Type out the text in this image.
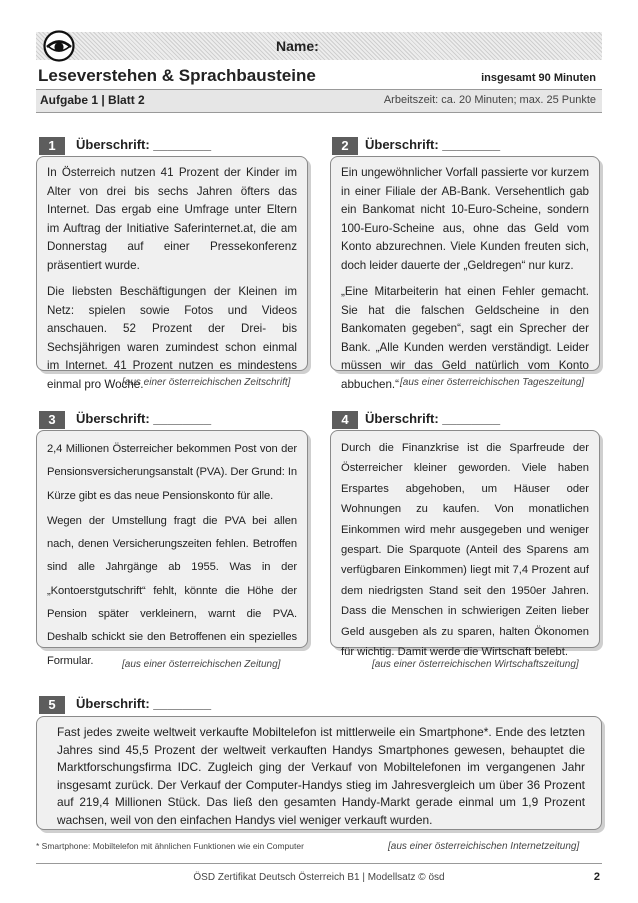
Name:
Leseverstehen & Sprachbausteine	insgesamt 90 Minuten
Aufgabe 1 | Blatt 2	Arbeitszeit: ca. 20 Minuten; max. 25 Punkte
1	Überschrift: ________

In Österreich nutzen 41 Prozent der Kinder im Alter von drei bis sechs Jahren öfters das Internet. Das ergab eine Umfrage unter Eltern im Auftrag der Initiative Saferinternet.at, die am Donnerstag auf einer Pressekonferenz präsentiert wurde.

Die liebsten Beschäftigungen der Kleinen im Netz: spielen sowie Fotos und Videos anschauen. 52 Prozent der Drei- bis Sechsjährigen waren zumindest schon einmal im Internet. 41 Prozent nutzen es mindestens einmal pro Woche.

[aus einer österreichischen Zeitschrift]
2	Überschrift: ________

Ein ungewöhnlicher Vorfall passierte vor kurzem in einer Filiale der AB-Bank. Versehentlich gab ein Bankomat nicht 10-Euro-Scheine, sondern 100-Euro-Scheine aus, ohne das Geld vom Konto abzurechnen. Viele Kunden freuten sich, doch leider dauerte der „Geldregen“ nur kurz.

„Eine Mitarbeiterin hat einen Fehler gemacht. Sie hat die falschen Geldscheine in den Bankomaten gegeben“, sagt ein Sprecher der Bank. „Alle Kunden werden verständigt. Leider müssen wir das Geld natürlich vom Konto abbuchen.“ [aus einer österreichischen Tageszeitung]
3	Überschrift: ________

2,4 Millionen Österreicher bekommen Post von der Pensionsversicherungsanstalt (PVA). Der Grund: In Kürze gibt es das neue Pensionskonto für alle.

Wegen der Umstellung fragt die PVA bei allen nach, denen Versicherungszeiten fehlen. Betroffen sind alle Jahrgänge ab 1955. Was in der „Kontoerstgutschrift“ fehlt, könnte die Höhe der Pension später verkleinern, warnt die PVA. Deshalb schickt sie den Betroffenen ein spezielles Formular.	[aus einer österreichischen Zeitung]
4	Überschrift: ________

Durch die Finanzkrise ist die Sparfreude der Österreicher kleiner geworden. Viele haben Erspartes abgehoben, um Häuser oder Wohnungen zu kaufen. Von monatlichen Einkommen wird mehr ausgegeben und weniger gespart. Die Sparquote (Anteil des Sparens am verfügbaren Einkommen) liegt mit 7,4 Prozent auf dem niedrigsten Stand seit den 1950er Jahren. Dass die Menschen in schwierigen Zeiten lieber Geld ausgeben als zu sparen, halten Ökonomen für wichtig. Damit werde die Wirtschaft belebt.

[aus einer österreichischen Wirtschaftszeitung]
5	Überschrift: ________

Fast jedes zweite weltweit verkaufte Mobiltelefon ist mittlerweile ein Smartphone*. Ende des letzten Jahres sind 45,5 Prozent der weltweit verkauften Handys Smartphones gewesen, behauptet die Marktforschungsfirma IDC. Zugleich ging der Verkauf von Mobiltelefonen im vergangenen Jahr insgesamt zurück. Der Verkauf der Computer-Handys stieg im Jahresvergleich um über 36 Prozent auf 219,4 Millionen Stück. Das ließ den gesamten Handy-Markt gerade einmal um 1,9 Prozent wachsen, weil von den einfachen Handys viel weniger verkauft wurden.

[aus einer österreichischen Internetzeitung]
* Smartphone: Mobiltelefon mit ähnlichen Funktionen wie ein Computer
ÖSD Zertifikat Deutsch Österreich B1 | Modellsatz © ösd	2
